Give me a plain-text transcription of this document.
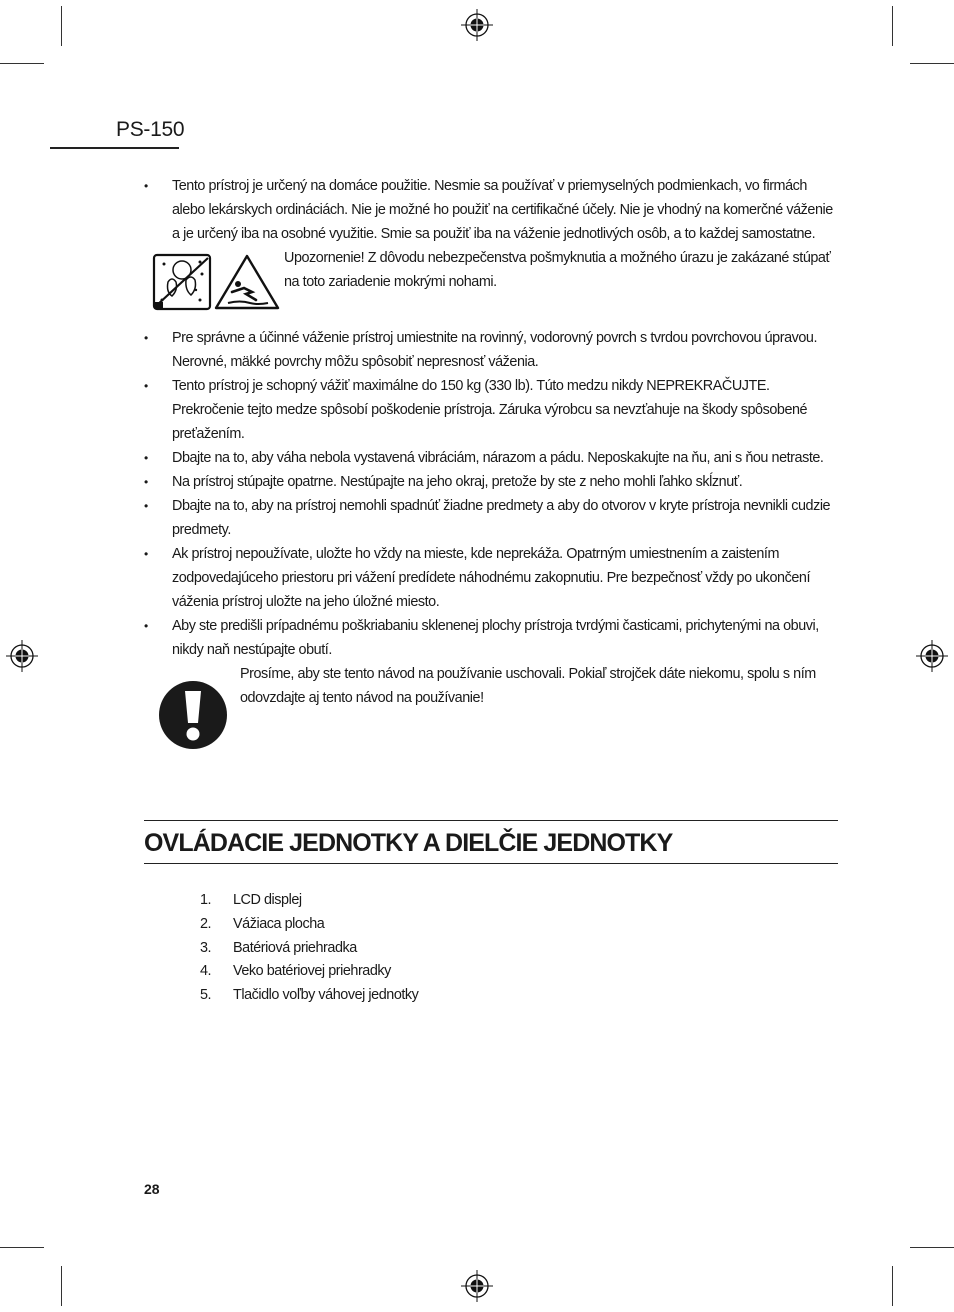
PS-150

• Tento prístroj je určený na domáce použitie. Nesmie sa používať v priemyselných podmienkach, vo firmách alebo lekárskych ordináciách. Nie je možné ho použiť na certifikačné účely. Nie je vhodný na komerčné váženie a je určený iba na osobné využitie. Smie sa použiť iba na váženie jednotlivých osôb, a to každej samostatne.

Upozornenie! Z dôvodu nebezpečenstva pošmyknutia a možného úrazu je zakázané stúpať na toto zariadenie mokrými nohami.

• Pre správne a účinné váženie prístroj umiestnite na rovinný, vodorovný povrch s tvrdou povrchovou úpravou. Nerovné, mäkké povrchy môžu spôsobiť nepresnosť váženia.

• Tento prístroj je schopný vážiť maximálne do 150 kg (330 lb). Túto medzu nikdy NEPREKRAČUJTE. Prekročenie tejto medze spôsobí poškodenie prístroja. Záruka výrobcu sa nevzťahuje na škody spôsobené preťažením.

• Dbajte na to, aby váha nebola vystavená vibráciám, nárazom a pádu. Neposkakujte na ňu, ani s ňou netraste.

• Na prístroj stúpajte opatrne. Nestúpajte na jeho okraj, pretože by ste z neho mohli ľahko skĺznuť.

• Dbajte na to, aby na prístroj nemohli spadnúť žiadne predmety a aby do otvorov v kryte prístroja nevnikli cudzie predmety.

• Ak prístroj nepoužívate, uložte ho vždy na mieste, kde neprekáža. Opatrným umiestnením a zaistením zodpovedajúceho priestoru pri vážení predídete náhodnému zakopnutiu. Pre bezpečnosť vždy po ukončení váženia prístroj uložte na jeho úložné miesto.

• Aby ste predišli prípadnému poškriabaniu sklenenej plochy prístroja tvrdými časticami, prichytenými na obuvi, nikdy naň nestúpajte obutí.

Prosíme, aby ste tento návod na používanie uschovali. Pokiaľ strojček dáte niekomu, spolu s ním odovzdajte aj tento návod na používanie!

OVLÁDACIE JEDNOTKY A DIELČIE JEDNOTKY
1. LCD displej
2. Vážiaca plocha
3. Batériová priehradka
4. Veko batériovej priehradky
5. Tlačidlo voľby váhovej jednotky
28
